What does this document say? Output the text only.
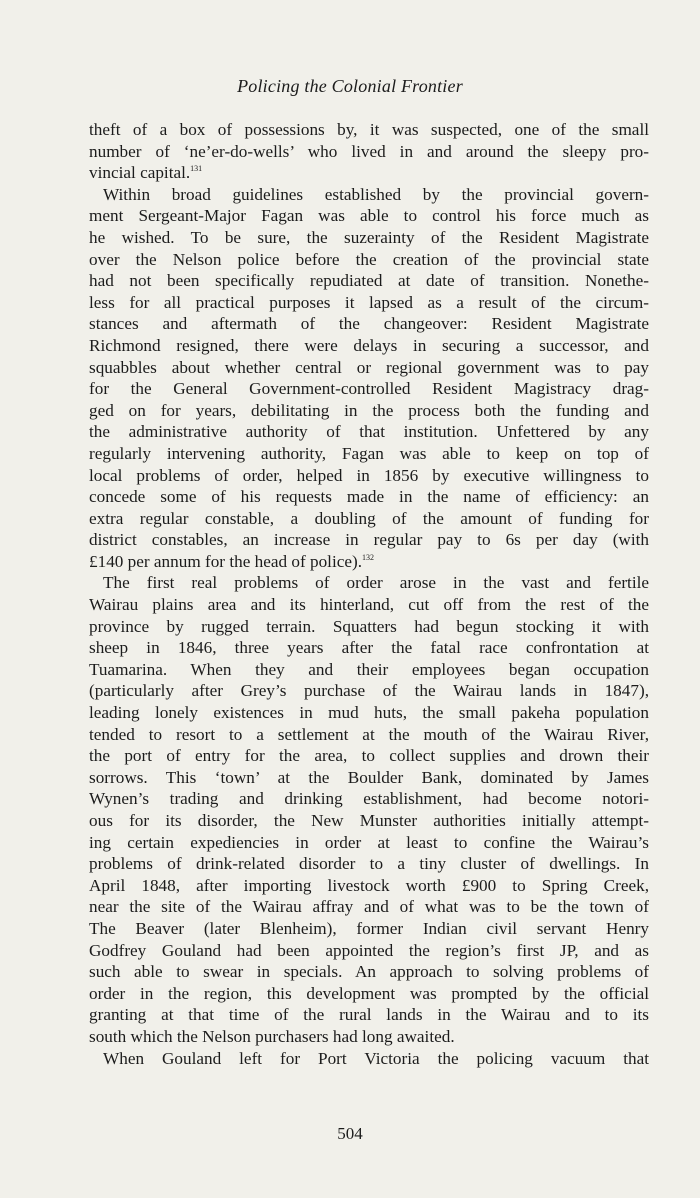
Policing the Colonial Frontier
theft of a box of possessions by, it was suspected, one of the small
number of ‘ne’er-do-wells’ who lived in and around the sleepy pro-
vincial capital.$^{131}$
Within broad guidelines established by the provincial govern-
ment Sergeant-Major Fagan was able to control his force much as
he wished. To be sure, the suzerainty of the Resident Magistrate
over the Nelson police before the creation of the provincial state
had not been specifically repudiated at date of transition. Nonethe-
less for all practical purposes it lapsed as a result of the circum-
stances and aftermath of the changeover: Resident Magistrate
Richmond resigned, there were delays in securing a successor, and
squabbles about whether central or regional government was to pay
for the General Government-controlled Resident Magistracy drag-
ged on for years, debilitating in the process both the funding and
the administrative authority of that institution. Unfettered by any
regularly intervening authority, Fagan was able to keep on top of
local problems of order, helped in 1856 by executive willingness to
concede some of his requests made in the name of efficiency: an
extra regular constable, a doubling of the amount of funding for
district constables, an increase in regular pay to 6s per day (with
£140 per annum for the head of police).$^{132}$
The first real problems of order arose in the vast and fertile
Wairau plains area and its hinterland, cut off from the rest of the
province by rugged terrain. Squatters had begun stocking it with
sheep in 1846, three years after the fatal race confrontation at
Tuamarina. When they and their employees began occupation
(particularly after Grey’s purchase of the Wairau lands in 1847),
leading lonely existences in mud huts, the small pakeha population
tended to resort to a settlement at the mouth of the Wairau River,
the port of entry for the area, to collect supplies and drown their
sorrows. This ‘town’ at the Boulder Bank, dominated by James
Wynen’s trading and drinking establishment, had become notori-
ous for its disorder, the New Munster authorities initially attempt-
ing certain expediencies in order at least to confine the Wairau’s
problems of drink-related disorder to a tiny cluster of dwellings. In
April 1848, after importing livestock worth £900 to Spring Creek,
near the site of the Wairau affray and of what was to be the town of
The Beaver (later Blenheim), former Indian civil servant Henry
Godfrey Gouland had been appointed the region’s first JP, and as
such able to swear in specials. An approach to solving problems of
order in the region, this development was prompted by the official
granting at that time of the rural lands in the Wairau and to its
south which the Nelson purchasers had long awaited.
When Gouland left for Port Victoria the policing vacuum that
504
